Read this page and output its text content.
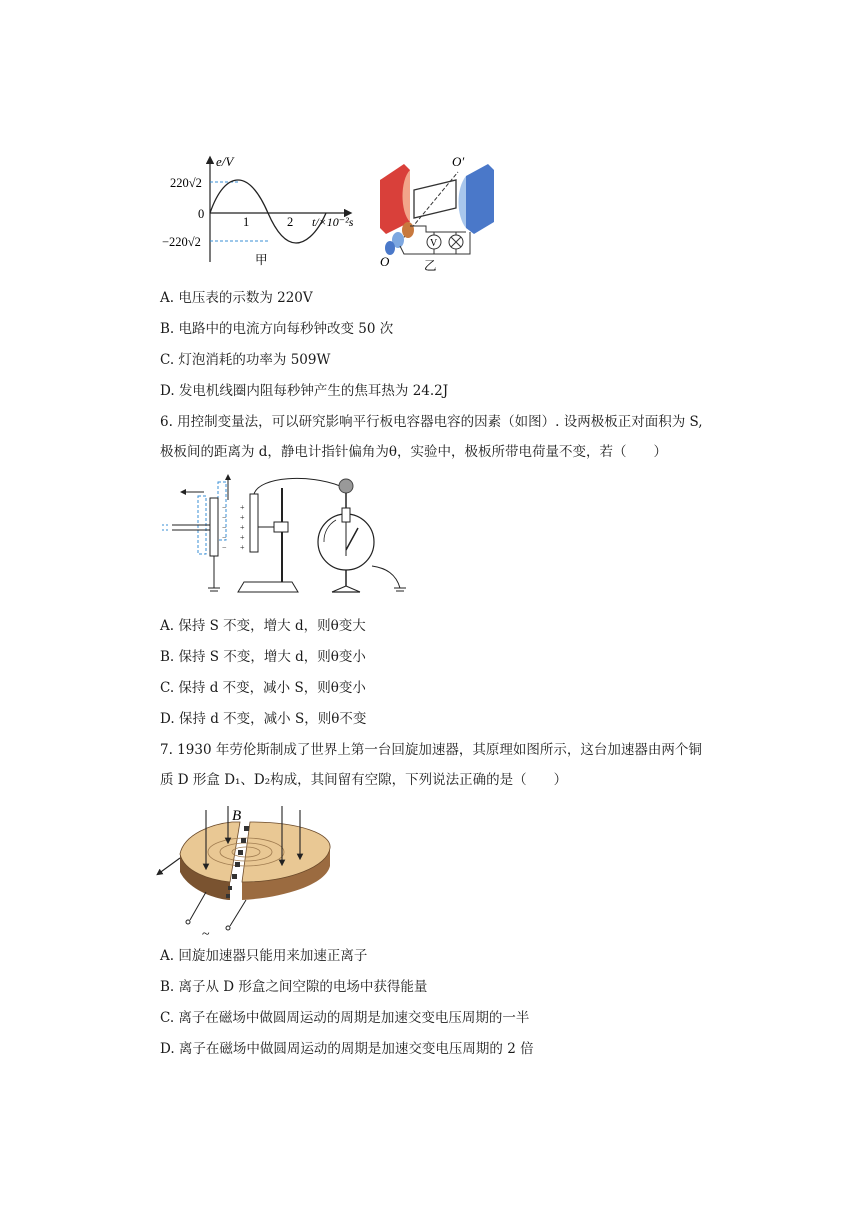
e/V
220√2
0
−220√2
1	2 t/×10⁻²s
甲
O′
O
V
乙
A. 电压表的示数为 220V
B. 电路中的电流方向每秒钟改变 50 次
C. 灯泡消耗的功率为 509W
D. 发电机线圈内阻每秒钟产生的焦耳热为 24.2J
6. 用控制变量法，可以研究影响平行板电容器电容的因素（如图）. 设两极板正对面积为 S,
极板间的距离为 d，静电计指针偏角为θ，实验中，极板所带电荷量不变，若（　　）
−
−
−
−
−
+
+
+
+
+
A. 保持 S 不变，增大 d，则θ变大
B. 保持 S 不变，增大 d，则θ变小
C. 保持 d 不变，减小 S，则θ变小
D. 保持 d 不变，减小 S，则θ不变
7. 1930 年劳伦斯制成了世界上第一台回旋加速器，其原理如图所示，这台加速器由两个铜
质 D 形盒 D₁、D₂构成，其间留有空隙，下列说法正确的是（　　）
B
~
A. 回旋加速器只能用来加速正离子
B. 离子从 D 形盒之间空隙的电场中获得能量
C. 离子在磁场中做圆周运动的周期是加速交变电压周期的一半
D. 离子在磁场中做圆周运动的周期是加速交变电压周期的 2 倍
